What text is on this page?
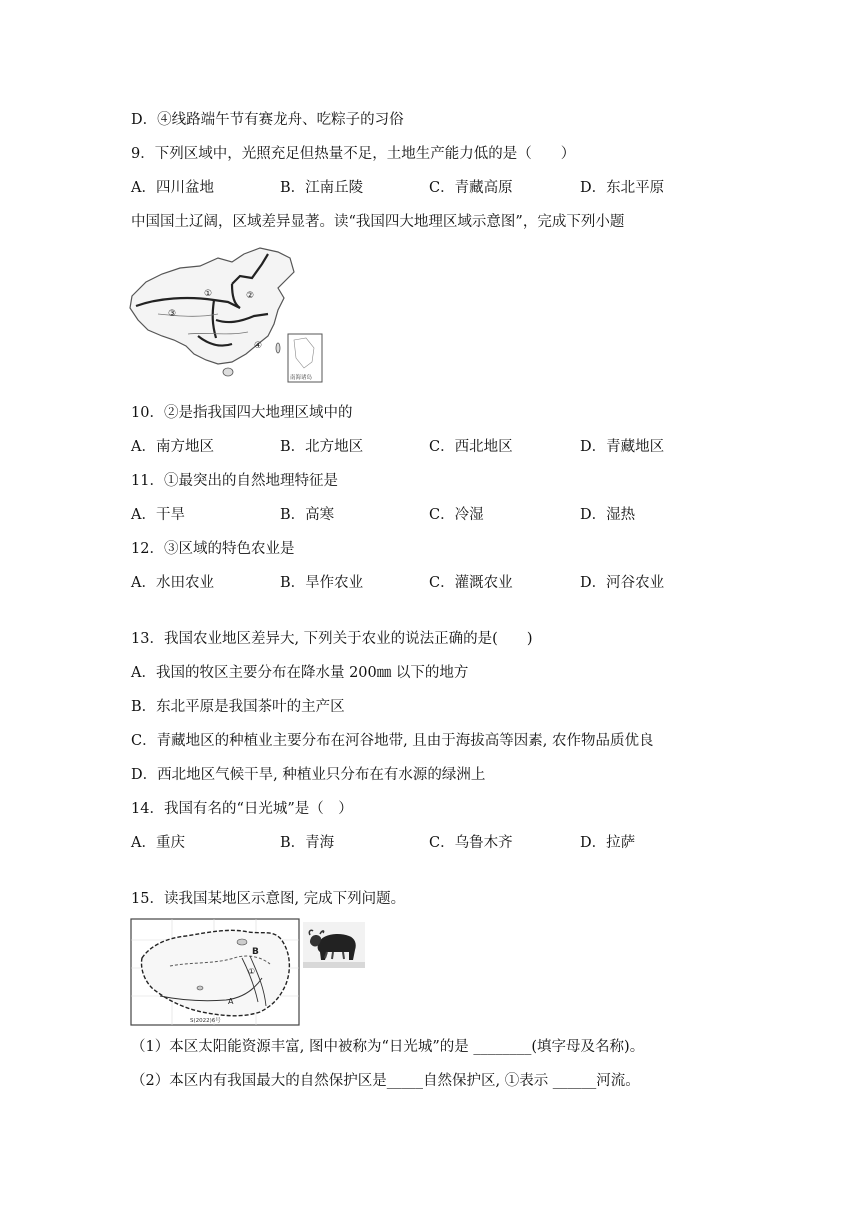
D．④线路端午节有赛龙舟、吃粽子的习俗
9．下列区域中，光照充足但热量不足，土地生产能力低的是（　　）
A．四川盆地	B．江南丘陵	C．青藏高原	D．东北平原
中国国土辽阔，区域差异显著。读“我国四大地理区域示意图”，完成下列小题
①	②
③
④
南海诸岛
10．②是指我国四大地理区域中的
A．南方地区	B．北方地区	C．西北地区	D．青藏地区
11．①最突出的自然地理特征是
A．干旱	B．高寒	C．冷湿	D．湿热
12．③区域的特色农业是
A．水田农业	B．旱作农业	C．灌溉农业	D．河谷农业
13．我国农业地区差异大, 下列关于农业的说法正确的是(　　)
A．我国的牧区主要分布在降水量 200㎜ 以下的地方
B．东北平原是我国茶叶的主产区
C．青藏地区的种植业主要分布在河谷地带, 且由于海拔高等因素, 农作物品质优良
D．西北地区气候干旱, 种植业只分布在有水源的绿洲上
14．我国有名的“日光城”是（　）
A．重庆	B．青海	C．乌鲁木齐	D．拉萨
15．读我国某地区示意图, 完成下列问题。
B
①
A
S(2022)6号
（1）本区太阳能资源丰富, 图中被称为“日光城”的是 ________(填字母及名称)。
（2）本区内有我国最大的自然保护区是_____自然保护区, ①表示 ______河流。
